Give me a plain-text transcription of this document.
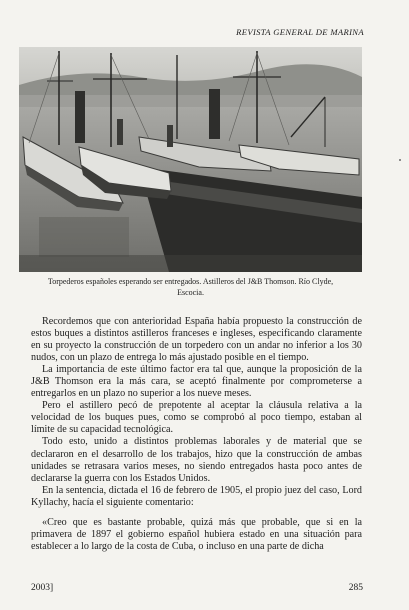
REVISTA GENERAL DE MARINA
Torpederos españoles esperando ser entregados. Astilleros del J&B Thomson. Río Clyde,
Escocia.

Recordemos que con anterioridad España había propuesto la construcción de estos buques a distintos astilleros franceses e ingleses, especificando claramente en su proyecto la construcción de un torpedero con un andar no inferior a los 30 nudos, con un plazo de entrega lo más ajustado posible en el tiempo.

La importancia de este último factor era tal que, aunque la proposición de la J&B Thomson era la más cara, se aceptó finalmente por comprometerse a entregarlos en un plazo no superior a los nueve meses.

Pero el astillero pecó de prepotente al aceptar la cláusula relativa a la velocidad de los buques pues, como se comprobó al poco tiempo, estaban al límite de su capacidad tecnológica.

Todo esto, unido a distintos problemas laborales y de material que se declararon en el desarrollo de los trabajos, hizo que la construcción de ambas unidades se retrasara varios meses, no siendo entregados hasta poco antes de declararse la guerra con los Estados Unidos.

En la sentencia, dictada el 16 de febrero de 1905, el propio juez del caso, Lord Kyllachy, hacía el siguiente comentario:

«Creo que es bastante probable, quizá más que probable, que si en la primavera de 1897 el gobierno español hubiera estado en una situación para establecer a lo largo de la costa de Cuba, o incluso en una parte de dicha

2003]	285
